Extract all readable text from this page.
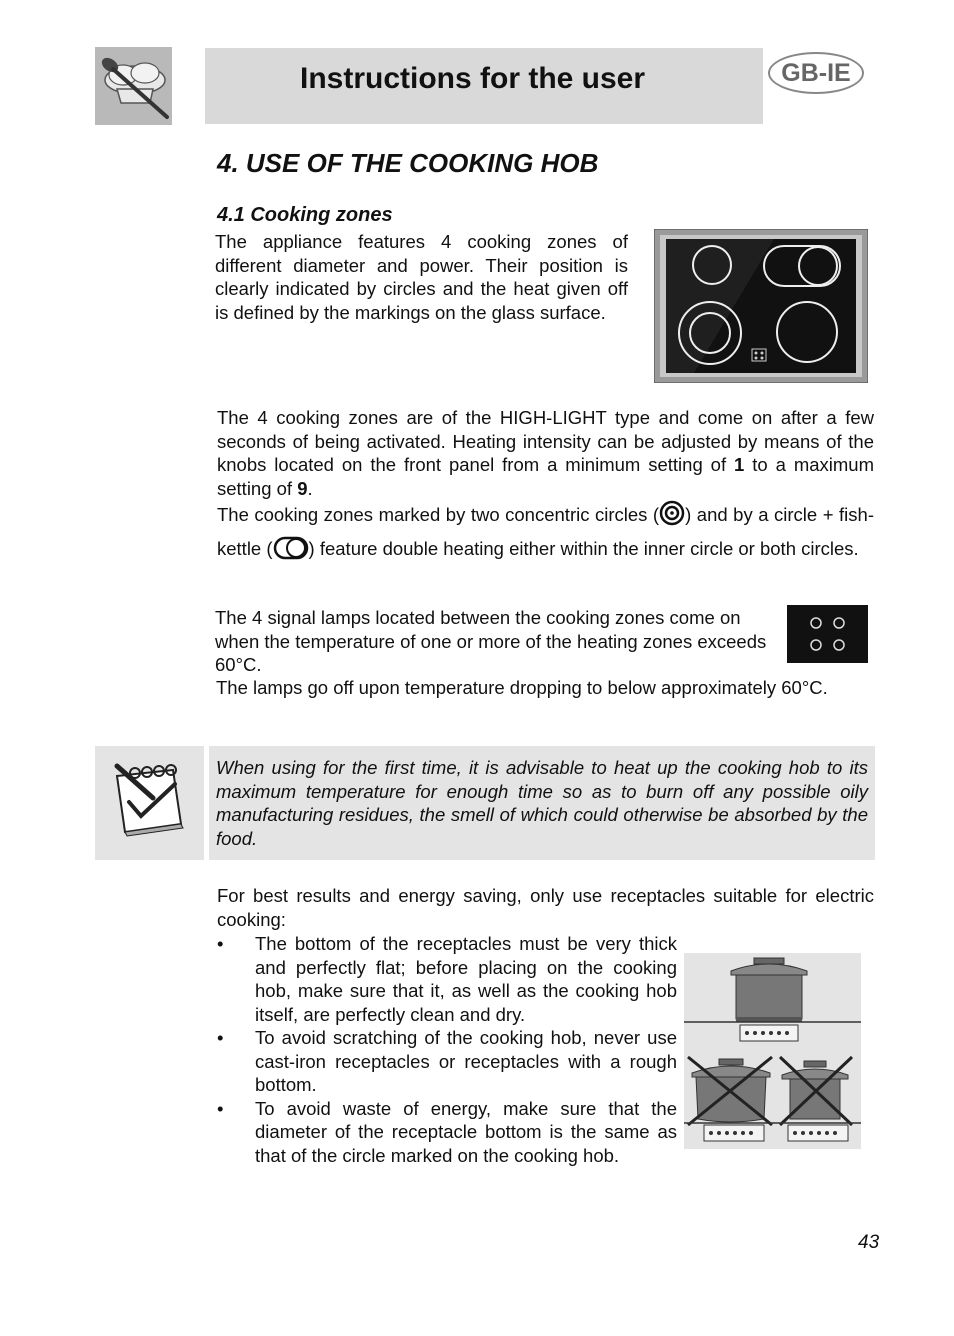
Instructions for the user	GB-IE
4. USE OF THE COOKING HOB
4.1 Cooking zones
The appliance features 4 cooking zones of different diameter and power. Their position is clearly indicated by circles and the heat given off is defined by the markings on the glass surface.
The 4 cooking zones are of the HIGH-LIGHT type and come on after a few seconds of being activated. Heating intensity can be adjusted by means of the knobs located on the front panel from a minimum setting of 1 to a maximum setting of 9.
The cooking zones marked by two concentric circles ( ) and by a circle + fish-kettle ( ) feature double heating either within the inner circle or both circles.
The 4 signal lamps located between the cooking zones come on when the temperature of one or more of the heating zones exceeds 60°C.
The lamps go off upon temperature dropping to below approximately 60°C.
When using for the first time, it is advisable to heat up the cooking hob to its maximum temperature for enough time so as to burn off any possible oily manufacturing residues, the smell of which could otherwise be absorbed by the food.
For best results and energy saving, only use receptacles suitable for electric cooking:
• The bottom of the receptacles must be very thick and perfectly flat; before placing on the cooking hob, make sure that it, as well as the cooking hob itself, are perfectly clean and dry.
• To avoid scratching of the cooking hob, never use cast-iron receptacles or receptacles with a rough bottom.
• To avoid waste of energy, make sure that the diameter of the receptacle bottom is the same as that of the circle marked on the cooking hob.
43
